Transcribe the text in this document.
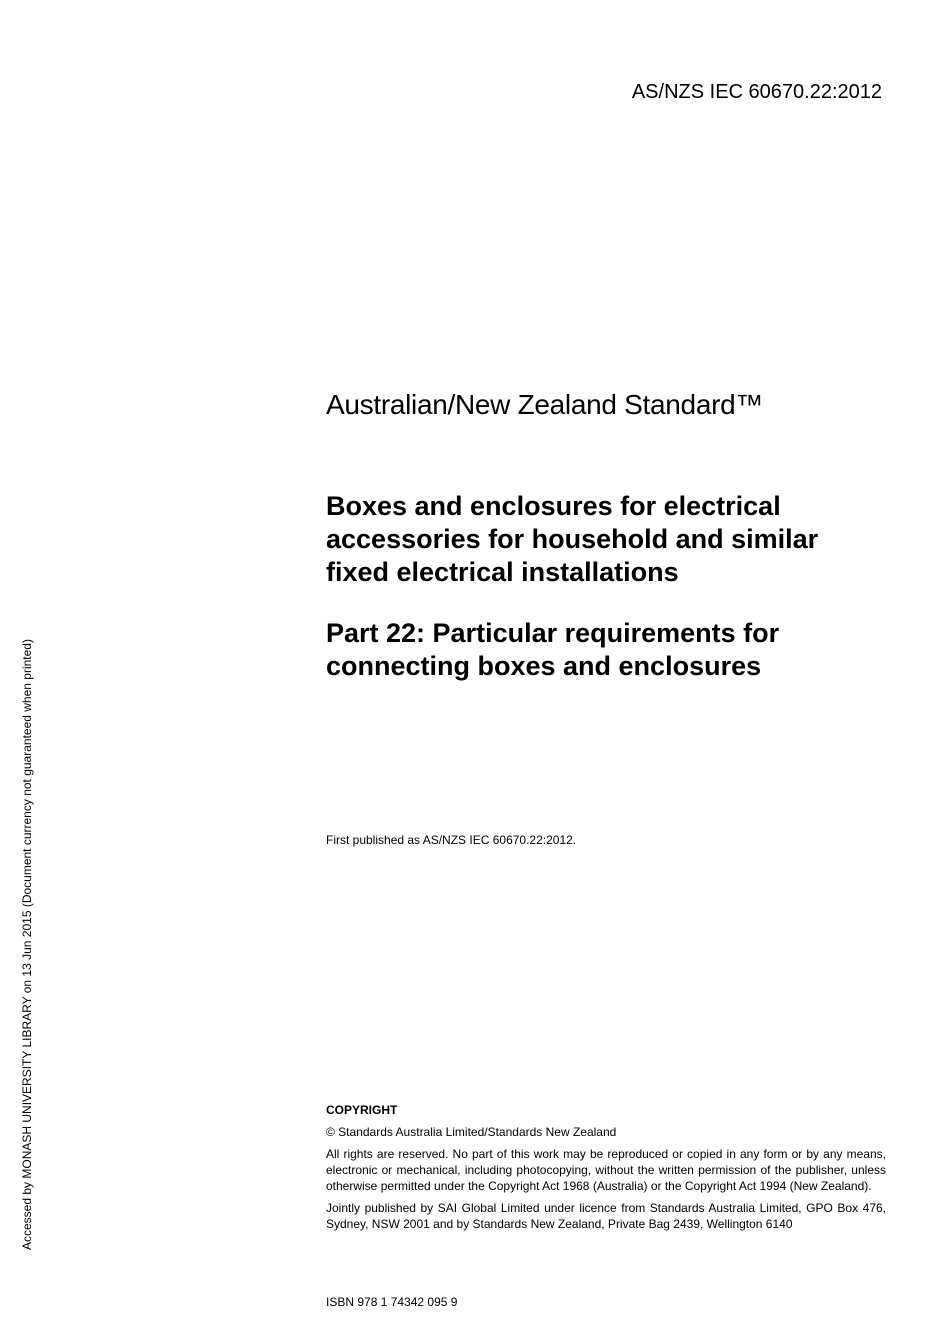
AS/NZS IEC 60670.22:2012
Accessed by MONASH UNIVERSITY LIBRARY on 13 Jun 2015 (Document currency not guaranteed when printed)
Australian/New Zealand Standard™
Boxes and enclosures for electrical
accessories for household and similar
fixed electrical installations
Part 22: Particular requirements for
connecting boxes and enclosures
First published as AS/NZS IEC 60670.22:2012.
COPYRIGHT
© Standards Australia Limited/Standards New Zealand
All rights are reserved. No part of this work may be reproduced or copied in any form or by any means, electronic or mechanical, including photocopying, without the written permission of the publisher, unless otherwise permitted under the Copyright Act 1968 (Australia) or the Copyright Act 1994 (New Zealand).
Jointly published by SAI Global Limited under licence from Standards Australia Limited, GPO Box 476, Sydney, NSW 2001 and by Standards New Zealand, Private Bag 2439, Wellington 6140
ISBN 978 1 74342 095 9
